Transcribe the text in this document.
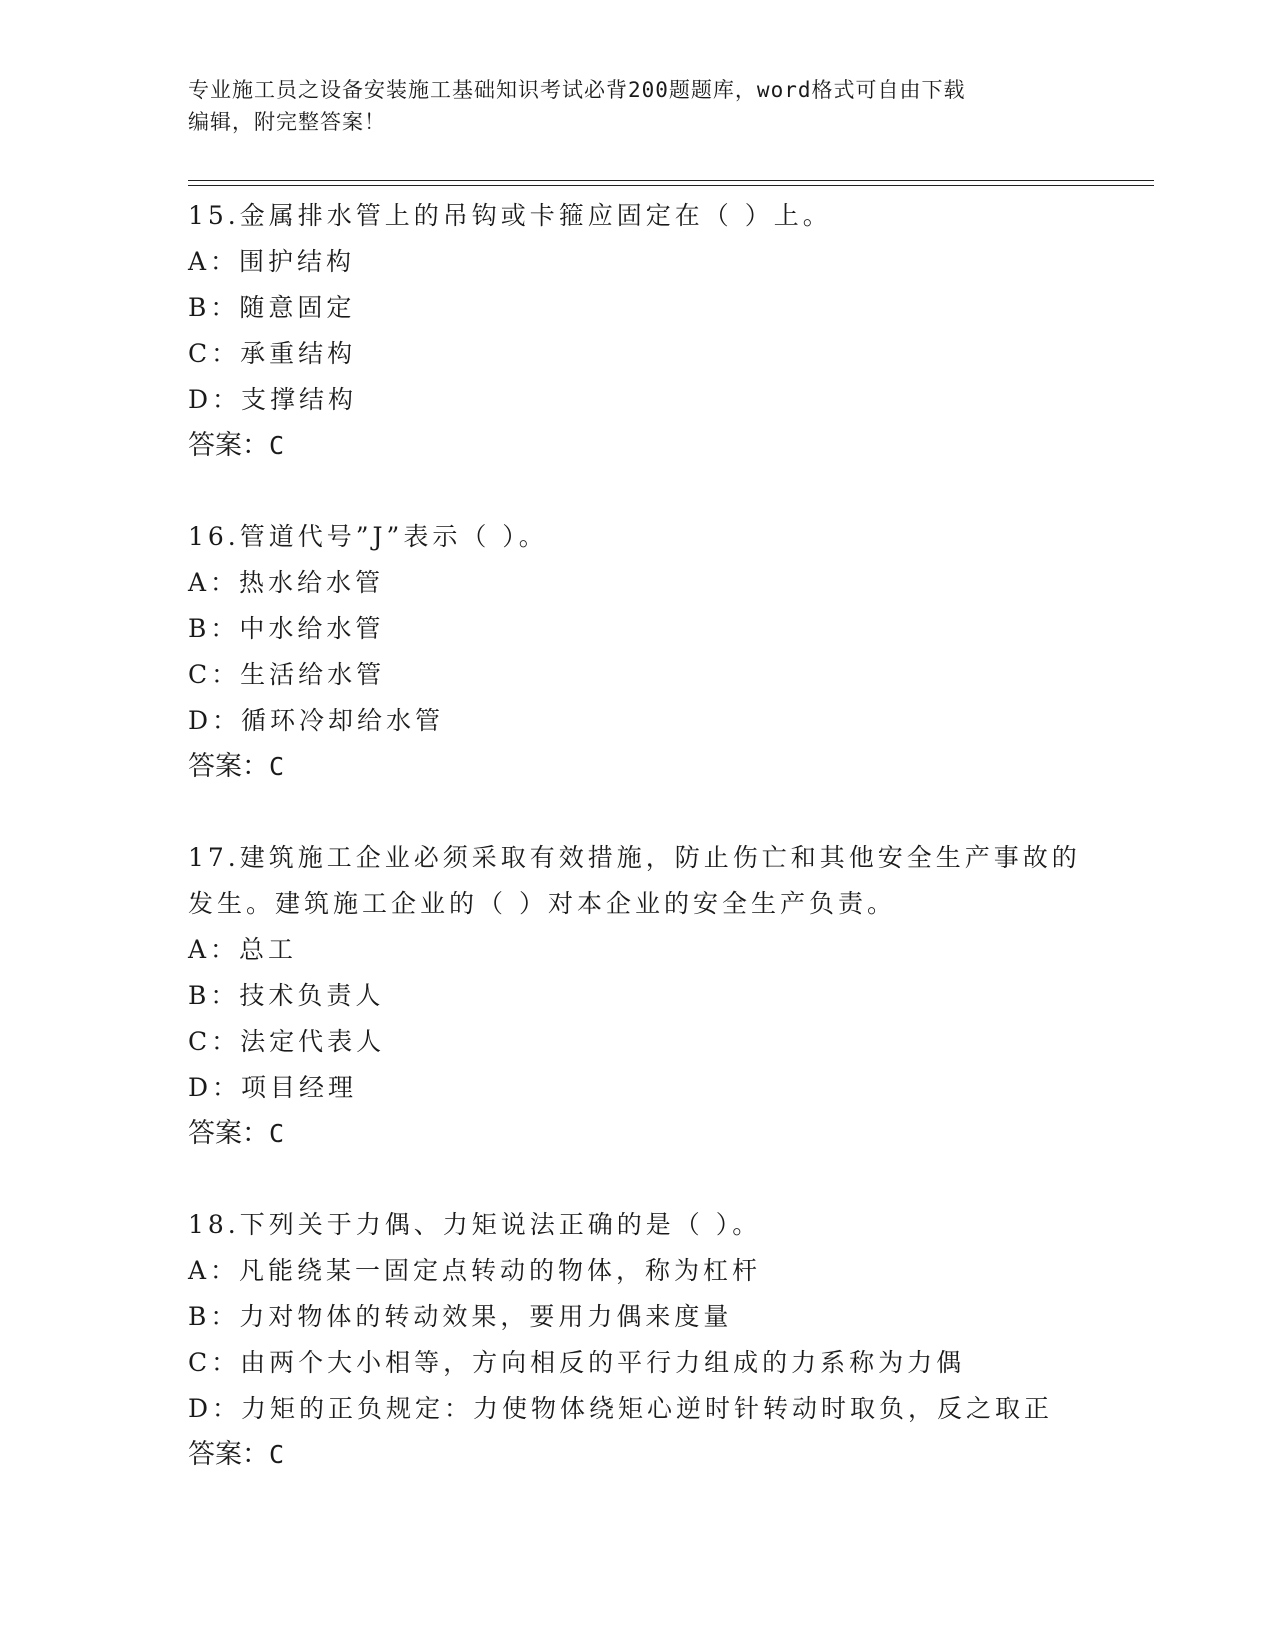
专业施工员之设备安装施工基础知识考试必背200题题库，word格式可自由下载
编辑，附完整答案！
15.金属排水管上的吊钩或卡箍应固定在（ ）上。
A：围护结构
B：随意固定
C：承重结构
D：支撑结构
答案：C
16.管道代号”J”表示（ ）。
A：热水给水管
B：中水给水管
C：生活给水管
D：循环冷却给水管
答案：C
17.建筑施工企业必须采取有效措施，防止伤亡和其他安全生产事故的
发生。建筑施工企业的（ ）对本企业的安全生产负责。
A：总工
B：技术负责人
C：法定代表人
D：项目经理
答案：C
18.下列关于力偶、力矩说法正确的是（ ）。
A：凡能绕某一固定点转动的物体，称为杠杆
B：力对物体的转动效果，要用力偶来度量
C：由两个大小相等，方向相反的平行力组成的力系称为力偶
D：力矩的正负规定：力使物体绕矩心逆时针转动时取负，反之取正
答案：C
